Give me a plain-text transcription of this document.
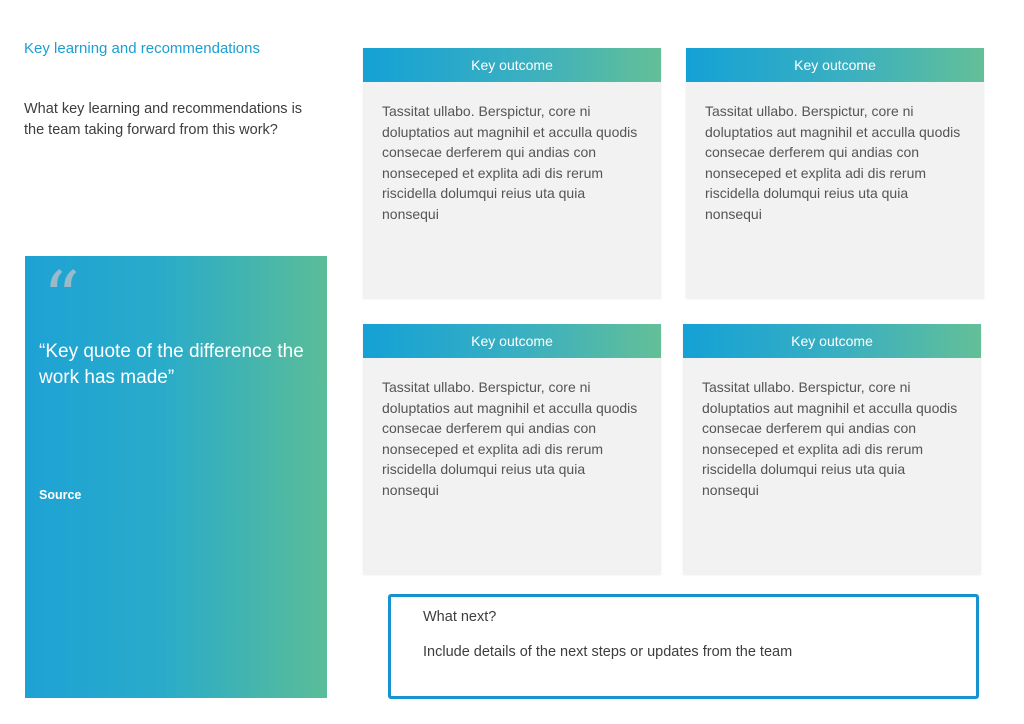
Key learning and recommendations
What key learning and recommendations is the team taking forward from this work?
“
“Key quote of the difference the work has made”
Source
Key outcome
Tassitat ullabo. Berspictur, core ni doluptatios aut magnihil et acculla quodis consecae derferem qui andias con nonseceped et explita adi dis rerum riscidella dolumqui reius uta quia nonsequi
Key outcome
Tassitat ullabo. Berspictur, core ni doluptatios aut magnihil et acculla quodis consecae derferem qui andias con nonseceped et explita adi dis rerum riscidella dolumqui reius uta quia nonsequi
Key outcome
Tassitat ullabo. Berspictur, core ni doluptatios aut magnihil et acculla quodis consecae derferem qui andias con nonseceped et explita adi dis rerum riscidella dolumqui reius uta quia nonsequi
Key outcome
Tassitat ullabo. Berspictur, core ni doluptatios aut magnihil et acculla quodis consecae derferem qui andias con nonseceped et explita adi dis rerum riscidella dolumqui reius uta quia nonsequi
What next?
Include details of the next steps or updates from the team
